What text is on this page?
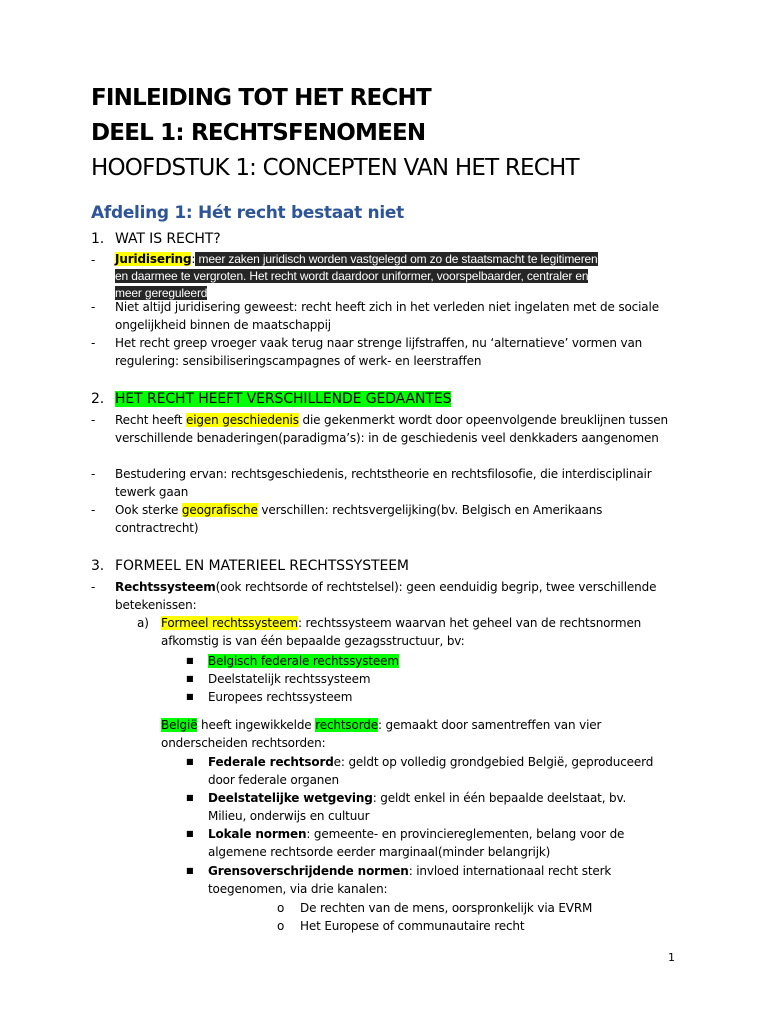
FINLEIDING TOT HET RECHT
DEEL 1: RECHTSFENOMEEN
HOOFDSTUK 1: CONCEPTEN VAN HET RECHT
Afdeling 1: Hét recht bestaat niet
1. WAT IS RECHT?
- Juridisering: meer zaken juridisch worden vastgelegd om zo de staatsmacht te legitimeren
en daarmee te vergroten. Het recht wordt daardoor uniformer, voorspelbaarder, centraler en
meer gereguleerd
- Niet altijd juridisering geweest: recht heeft zich in het verleden niet ingelaten met de sociale ongelijkheid binnen de maatschappij
- Het recht greep vroeger vaak terug naar strenge lijfstraffen, nu ‘alternatieve’ vormen van regulering: sensibiliseringscampagnes of werk- en leerstraffen
2. HET RECHT HEEFT VERSCHILLENDE GEDAANTES
- Recht heeft eigen geschiedenis die gekenmerkt wordt door opeenvolgende breuklijnen tussen verschillende benaderingen(paradigma’s): in de geschiedenis veel denkkaders aangenomen
- Bestudering ervan: rechtsgeschiedenis, rechtstheorie en rechtsfilosofie, die interdisciplinair tewerk gaan
- Ook sterke geografische verschillen: rechtsvergelijking(bv. Belgisch en Amerikaans contractrecht)
3. FORMEEL EN MATERIEEL RECHTSSYSTEEM
- Rechtssysteem(ook rechtsorde of rechtstelsel): geen eenduidig begrip, twee verschillende betekenissen:
a) Formeel rechtssysteem: rechtssysteem waarvan het geheel van de rechtsnormen afkomstig is van één bepaalde gezagsstructuur, bv:
■ Belgisch federale rechtssysteem
■ Deelstatelijk rechtssysteem
■ Europees rechtssysteem
België heeft ingewikkelde rechtsorde: gemaakt door samentreffen van vier onderscheiden rechtsorden:
■ Federale rechtsorde: geldt op volledig grondgebied België, geproduceerd door federale organen
■ Deelstatelijke wetgeving: geldt enkel in één bepaalde deelstaat, bv. Milieu, onderwijs en cultuur
■ Lokale normen: gemeente- en provinciereglementen, belang voor de algemene rechtsorde eerder marginaal(minder belangrijk)
■ Grensoverschrijdende normen: invloed internationaal recht sterk toegenomen, via drie kanalen:
o De rechten van de mens, oorspronkelijk via EVRM
o Het Europese of communautaire recht
1
